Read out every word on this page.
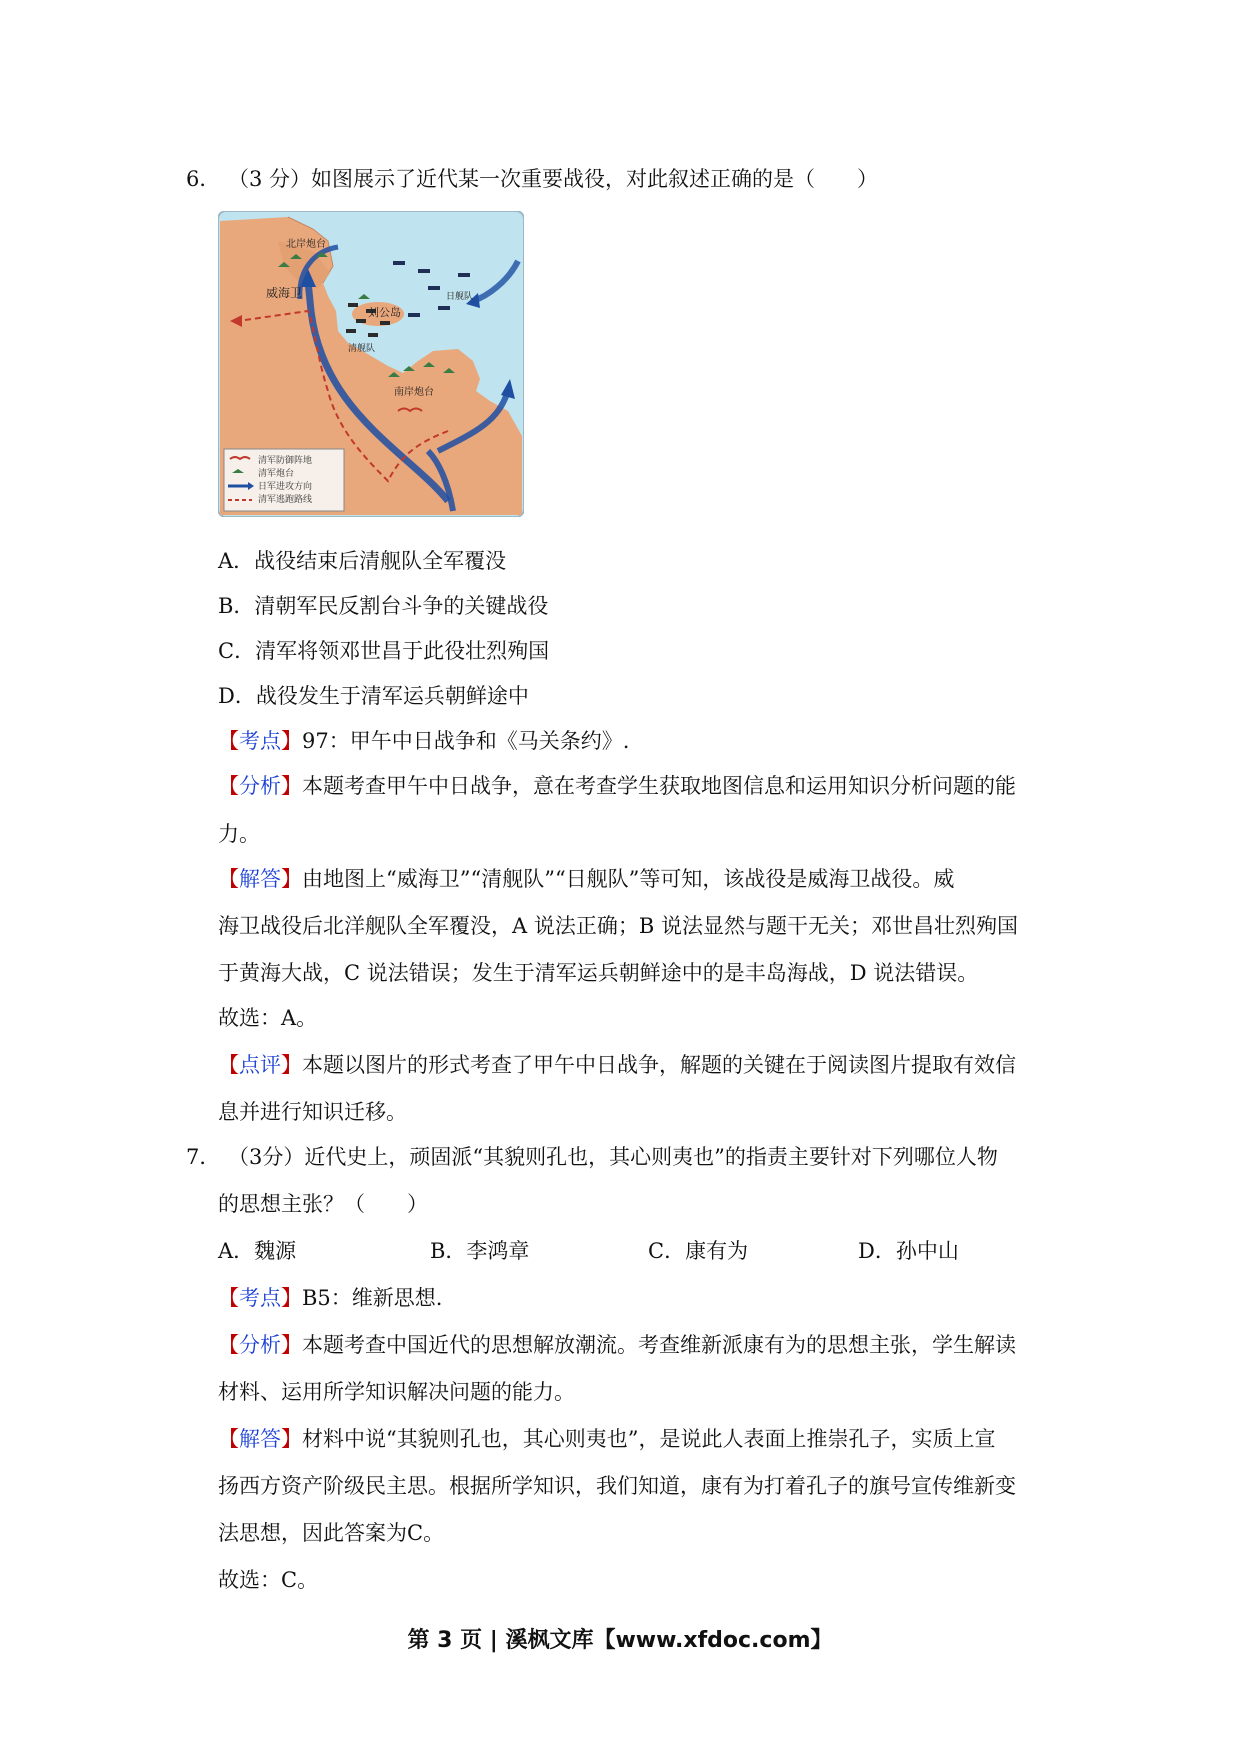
6． （3 分）如图展示了近代某一次重要战役，对此叙述正确的是（　　）
清军防御阵地
清军炮台
日军进攻方向
清军逃跑路线
北岸炮台
威海卫
刘公岛
日舰队
清舰队
南岸炮台
A．战役结束后清舰队全军覆没
B．清朝军民反割台斗争的关键战役
C．清军将领邓世昌于此役壮烈殉国
D．战役发生于清军运兵朝鲜途中
【考点】97：甲午中日战争和《马关条约》.
【分析】本题考查甲午中日战争，意在考查学生获取地图信息和运用知识分析问题的能
力。
【解答】由地图上“威海卫”“清舰队”“日舰队”等可知，该战役是威海卫战役。威
海卫战役后北洋舰队全军覆没，A 说法正确；B 说法显然与题干无关；邓世昌壮烈殉国
于黄海大战，C 说法错误；发生于清军运兵朝鲜途中的是丰岛海战，D 说法错误。
故选：A。
【点评】本题以图片的形式考查了甲午中日战争，解题的关键在于阅读图片提取有效信
息并进行知识迁移。
7． （3分）近代史上，顽固派“其貌则孔也，其心则夷也”的指责主要针对下列哪位人物
的思想主张？（　　）
A．魏源	B．李鸿章	C．康有为	D．孙中山
【考点】B5：维新思想.
【分析】本题考查中国近代的思想解放潮流。考查维新派康有为的思想主张，学生解读
材料、运用所学知识解决问题的能力。
【解答】材料中说“其貌则孔也，其心则夷也”，是说此人表面上推崇孔子，实质上宣
扬西方资产阶级民主思。根据所学知识，我们知道，康有为打着孔子的旗号宣传维新变
法思想，因此答案为C。
故选：C。
第 3 页 | 溪枫文库【www.xfdoc.com】
